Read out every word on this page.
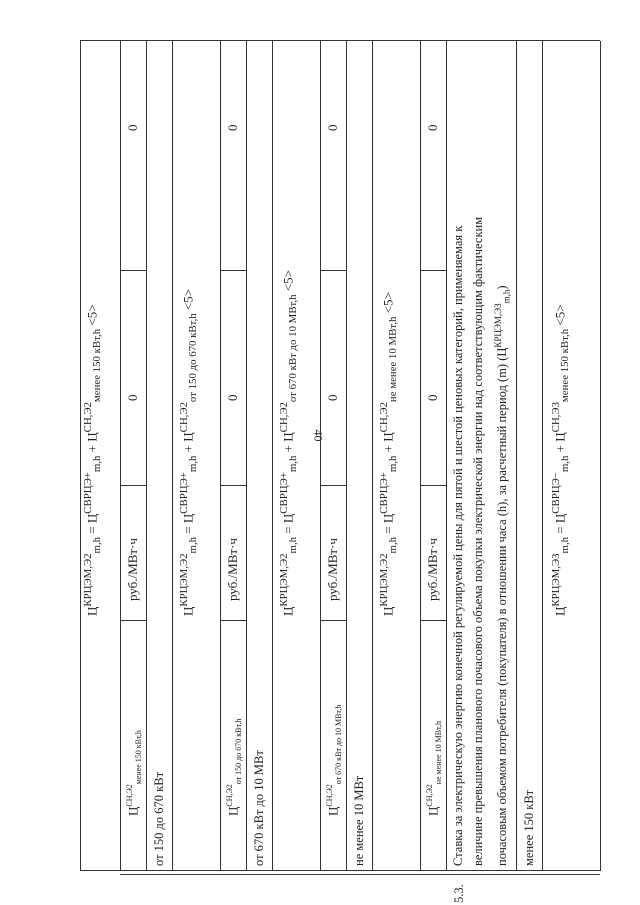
40
$Ц^{КРЦЭМ,Э2}_{m,h} = Ц^{СВРЦЭ+}_{m,h} + Ц^{СН,Э2}_{менее 150 кВт,h} <5>$
$Ц^{СН,Э2}_{менее 150 кВт,h}$
руб./МВт·ч
0
0
от 150 до 670 кВт
$Ц^{КРЦЭМ,Э2}_{m,h} = Ц^{СВРЦЭ+}_{m,h} + Ц^{СН,Э2}_{от 150 до 670 кВт,h} <5>$
$Ц^{СН,Э2}_{от 150 до 670 кВт,h}$
руб./МВт·ч
0
0
от 670 кВт до 10 МВт
$Ц^{КРЦЭМ,Э2}_{m,h} = Ц^{СВРЦЭ+}_{m,h} + Ц^{СН,Э2}_{от 670 кВт до 10 МВт,h} <5>$
$Ц^{СН,Э2}_{от 670 кВт до 10 МВт,h}$
руб./МВт·ч
0
0
не менее 10 МВт
$Ц^{КРЦЭМ,Э2}_{m,h} = Ц^{СВРЦЭ+}_{m,h} + Ц^{СН,Э2}_{не менее 10 МВт,h} <5>$
$Ц^{СН,Э2}_{не менее 10 МВт,h}$
руб./МВт·ч
0
0
5.3.
Ставка за электрическую энергию конечной регулируемой цены для пятой и шестой ценовых категорий, применяемая к величине превышения планового почасового объема покупки электрической энергии над соответствующим фактическим почасовым объемом потребителя (покупателя) в отношении часа (h), за расчетный период (m) $(Ц^{КРЦЭМ,ЭЗ}_{m,h})$
менее 150 кВт
$Ц^{КРЦЭМ,Э3}_{m,h} = Ц^{СВРЦЭ-}_{m,h} + Ц^{СН,Э3}_{менее 150 кВт,h} <5>$
